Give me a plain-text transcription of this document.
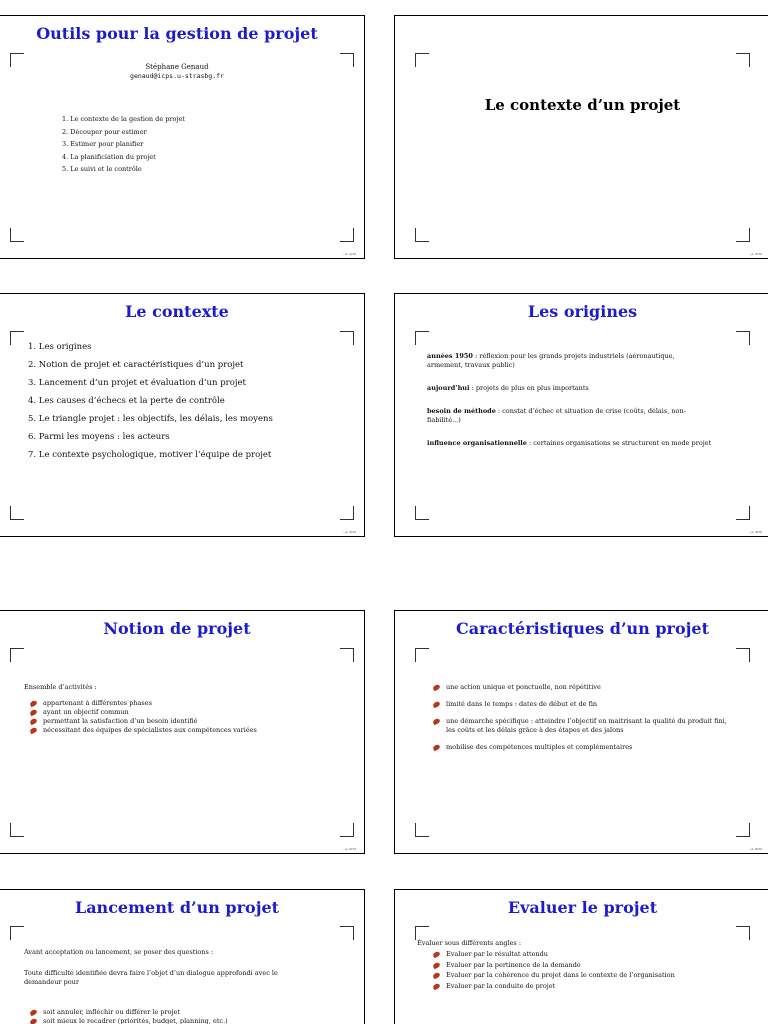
Outils pour la gestion de projet
Stéphane Genaud
genaud@icps.u-strasbg.fr
1. Le contexte de la gestion de projet
2. Découper pour estimer
3. Estimer pour planifier
4. La planificiation du projet
5. Le suivi et le contrôle
– p. 1/72
Le contexte d’un projet
– p. 2/72
Le contexte
1. Les origines
2. Notion de projet et caractéristiques d’un projet
3. Lancement d’un projet et évaluation d’un projet
4. Les causes d’échecs et la perte de contrôle
5. Le triangle projet : les objectifs, les délais, les moyens
6. Parmi les moyens : les acteurs
7. Le contexte psychologique, motiver l’équipe de projet
– p. 3/72
Les origines
années 1950 : réflexion pour les grands projets industriels (aéronautique, armement, travaux public)
aujourd’hui : projets de plus en plus importants
besoin de méthode : constat d’échec et situation de crise (coûts, délais, non-fiabilité...)
influence organisationnelle : certaines organisations se structurent en mode projet
– p. 4/72
Notion de projet
Ensemble d’activités :
appartenant à différentes phases
ayant un objectif commun
permettant la satisfaction d’un besoin identifié
nécessitant des équipes de spécialistes aux compétences variées
– p. 5/72
Caractéristiques d’un projet
une action unique et ponctuelle, non répétitive
limité dans le temps : dates de début et de fin
une démarche spécifique : atteindre l’objectif en maitrisant la qualité du produit fini, les coûts et les délais grâce à des étapes et des jalons
mobilise des compétences multiples et complémentaires
– p. 6/72
Lancement d’un projet
Avant acceptation ou lancement, se poser des questions :
Toute difficulté identifiée devra faire l’objet d’un dialogue approfondi avec le demandeur pour
soit annuler, infléchir ou différer le projet
soit mieux le recadrer (priorités, budget, planning, etc.)
Evaluer le projet
Évaluer sous différents angles :
Evaluer par le résultat attendu
Evaluer par la pertinence de la demande
Evaluer par la cohérence du projet dans le contexte de l’organisation
Evaluer par la conduite de projet
